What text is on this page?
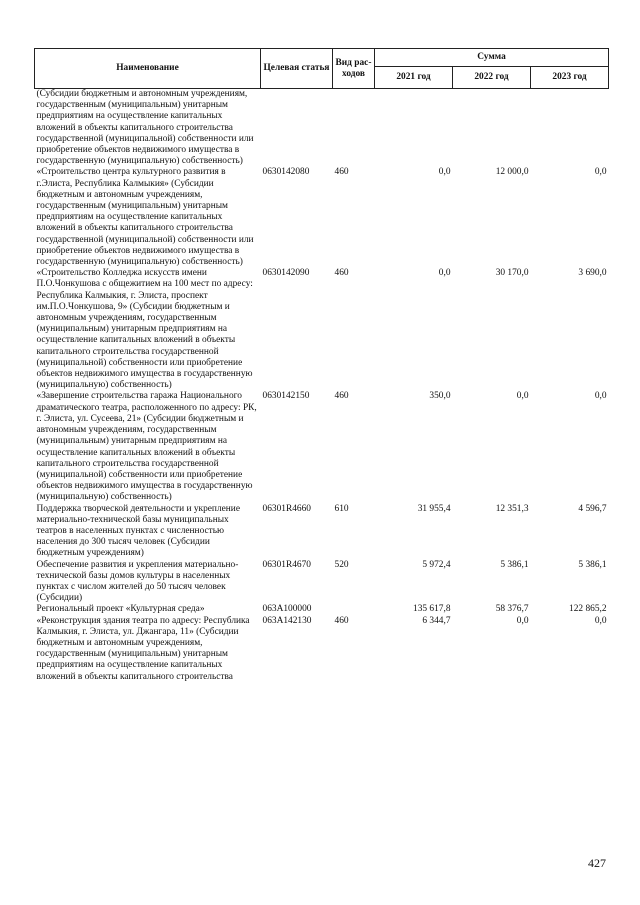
Наименование	Целевая статья	Вид рас-ходов	Сумма		
			2021 год	2022 год	2023 год
(Субсидии бюджетным и автономным учреждениям, государственным (муниципальным) унитарным предприятиям на осуществление капитальных вложений в объекты капитального строительства государственной (муниципальной) собственности или приобретение объектов недвижимого имущества в государственную (муниципальную) собственность)					
«Строительство центра культурного развития в г.Элиста, Республика Калмыкия» (Субсидии бюджетным и автономным учреждениям, государственным (муниципальным) унитарным предприятиям на осуществление капитальных вложений в объекты капитального строительства государственной (муниципальной) собственности или приобретение объектов недвижимого имущества в государственную (муниципальную) собственность)	0630142080	460	0,0	12 000,0	0,0
«Строительство Колледжа искусств имени П.О.Чонкушова с общежитием на 100 мест по адресу: Республика Калмыкия, г. Элиста, проспект им.П.О.Чонкушова, 9» (Субсидии бюджетным и автономным учреждениям, государственным (муниципальным) унитарным предприятиям на осуществление капитальных вложений в объекты капитального строительства государственной (муниципальной) собственности или приобретение объектов недвижимого имущества в государственную (муниципальную) собственность)	0630142090	460	0,0	30 170,0	3 690,0
«Завершение строительства гаража Национального драматического театра, расположенного по адресу: РК, г. Элиста, ул. Сусеева, 21» (Субсидии бюджетным и автономным учреждениям, государственным (муниципальным) унитарным предприятиям на осуществление капитальных вложений в объекты капитального строительства государственной (муниципальной) собственности или приобретение объектов недвижимого имущества в государственную (муниципальную) собственность)	0630142150	460	350,0	0,0	0,0
Поддержка творческой деятельности и укрепление материально-технической базы муниципальных театров в населенных пунктах с численностью населения до 300 тысяч человек (Субсидии бюджетным учреждениям)	06301R4660	610	31 955,4	12 351,3	4 596,7
Обеспечение развития и укрепления материально-технической базы домов культуры в населенных пунктах с числом жителей до 50 тысяч человек (Субсидии)	06301R4670	520	5 972,4	5 386,1	5 386,1
Региональный проект «Культурная среда»	063A100000		135 617,8	58 376,7	122 865,2
«Реконструкция здания театра по адресу: Республика Калмыкия, г. Элиста, ул. Джангара, 11» (Субсидии бюджетным и автономным учреждениям, государственным (муниципальным) унитарным предприятиям на осуществление капитальных вложений в объекты капитального строительства	063A142130	460	6 344,7	0,0	0,0
427
